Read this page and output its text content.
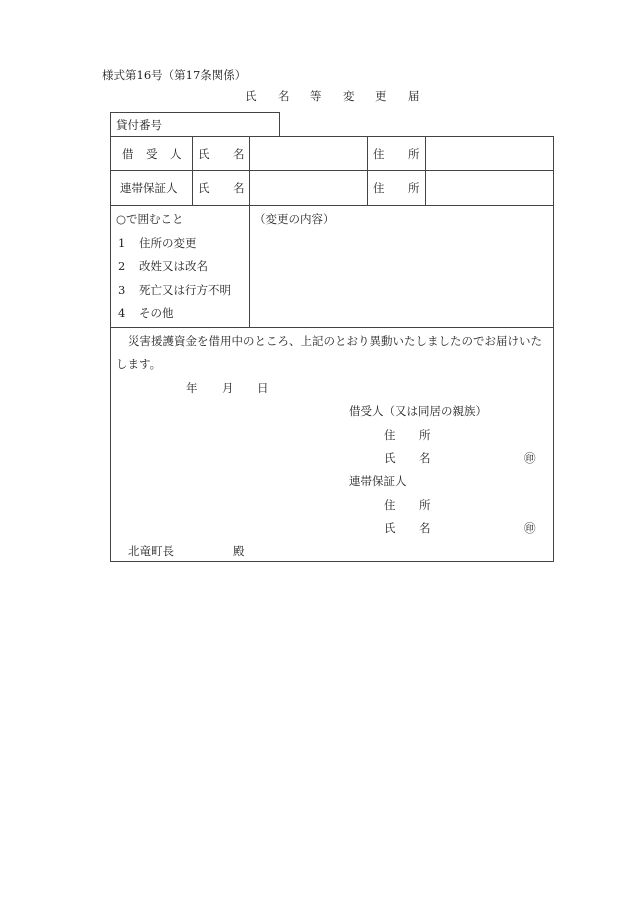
様式第16号（第17条関係）
氏 名 等 変 更 届
貸付番号
借 受 人 氏 名	住 所
連帯保証人 氏 名	住 所
○で囲むこと
1 住所の変更
2 改姓又は改名
3 死亡又は行方不明
4 その他
（変更の内容）
災害援護資金を借用中のところ、上記のとおり異動いたしましたのでお届けいた
します。
年 月 日
借受人（又は同居の親族）
住 所
氏 名	㊞
連帯保証人
住 所
氏 名	㊞
北竜町長	殿
